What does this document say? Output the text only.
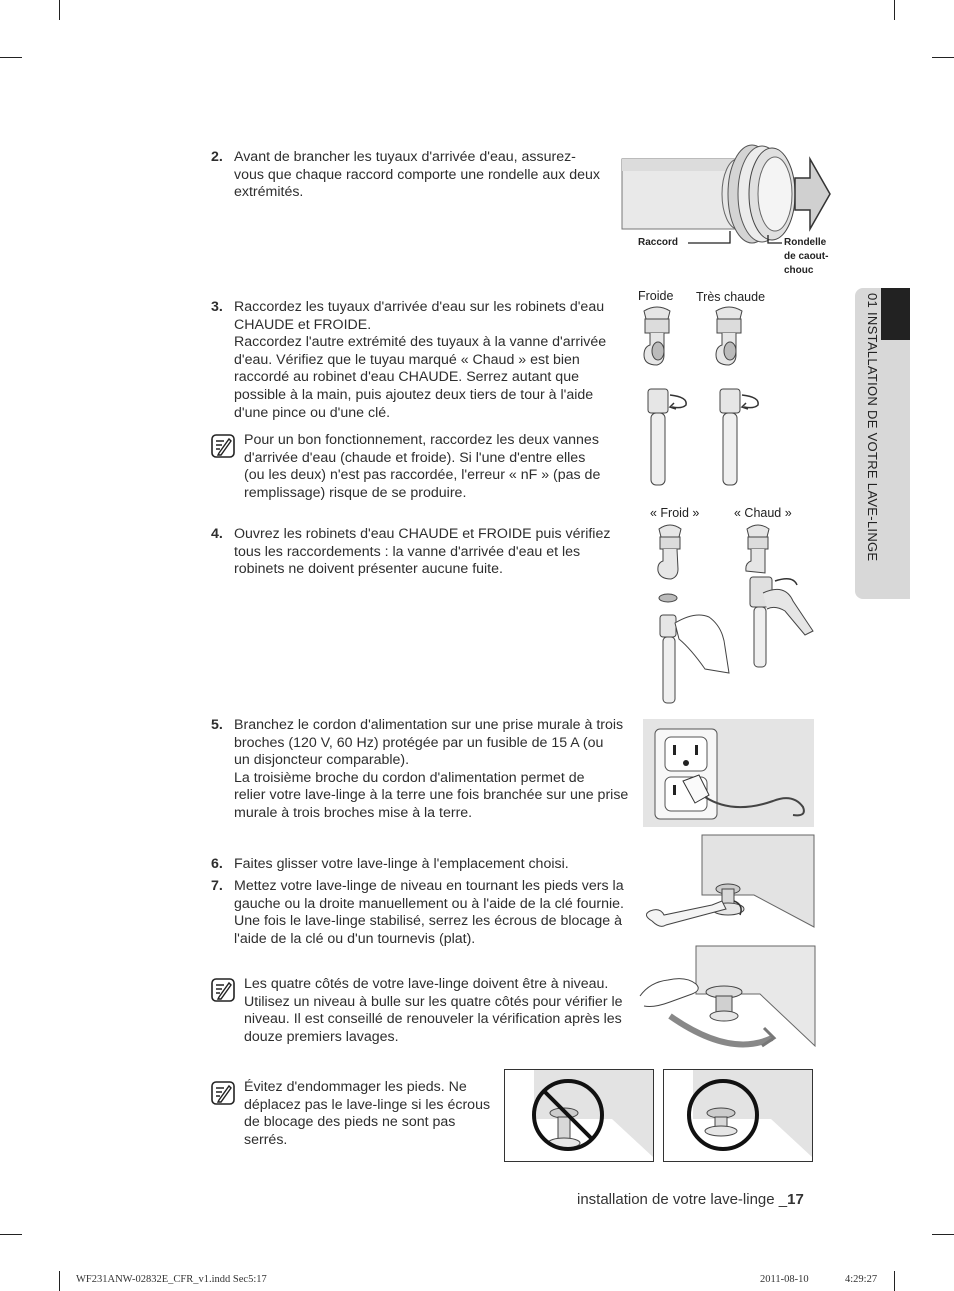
2. Avant de brancher les tuyaux d'arrivée d'eau, assurez-
vous que chaque raccord comporte une rondelle aux deux
extrémités.
Raccord	Rondelle
de caout-
chouc
3. Raccordez les tuyaux d'arrivée d'eau sur les robinets d'eau
CHAUDE et FROIDE.
Raccordez l'autre extrémité des tuyaux à la vanne d'arrivée
d'eau. Vérifiez que le tuyau marqué « Chaud » est bien
raccordé au robinet d'eau CHAUDE. Serrez autant que
possible à la main, puis ajoutez deux tiers de tour à l'aide
d'une pince ou d'une clé.
Pour un bon fonctionnement, raccordez les deux vannes
d'arrivée d'eau (chaude et froide). Si l'une d'entre elles
(ou les deux) n'est pas raccordée, l'erreur « nF » (pas de
remplissage) risque de se produire.
Froide Très chaude
4. Ouvrez les robinets d'eau CHAUDE et FROIDE puis vérifiez
tous les raccordements : la vanne d'arrivée d'eau et les
robinets ne doivent présenter aucune fuite.
« Froid »	« Chaud »
5. Branchez le cordon d'alimentation sur une prise murale à trois
broches (120 V, 60 Hz) protégée par un fusible de 15 A (ou
un disjoncteur comparable).
La troisième broche du cordon d'alimentation permet de
relier votre lave-linge à la terre une fois branchée sur une prise
murale à trois broches mise à la terre.
6. Faites glisser votre lave-linge à l'emplacement choisi.
7. Mettez votre lave-linge de niveau en tournant les pieds vers la
gauche ou la droite manuellement ou à l'aide de la clé fournie.
Une fois le lave-linge stabilisé, serrez les écrous de blocage à
l'aide de la clé ou d'un tournevis (plat).
Les quatre côtés de votre lave-linge doivent être à niveau.
Utilisez un niveau à bulle sur les quatre côtés pour vérifier le
niveau. Il est conseillé de renouveler la vérification après les
douze premiers lavages.
Évitez d'endommager les pieds. Ne
déplacez pas le lave-linge si les écrous
de blocage des pieds ne sont pas
serrés.
01 INSTALLATION DE VOTRE LAVE-LINGE
installation de votre lave-linge _17
WF231ANW-02832E_CFR_v1.indd Sec5:17	2011-08-10	4:29:27
